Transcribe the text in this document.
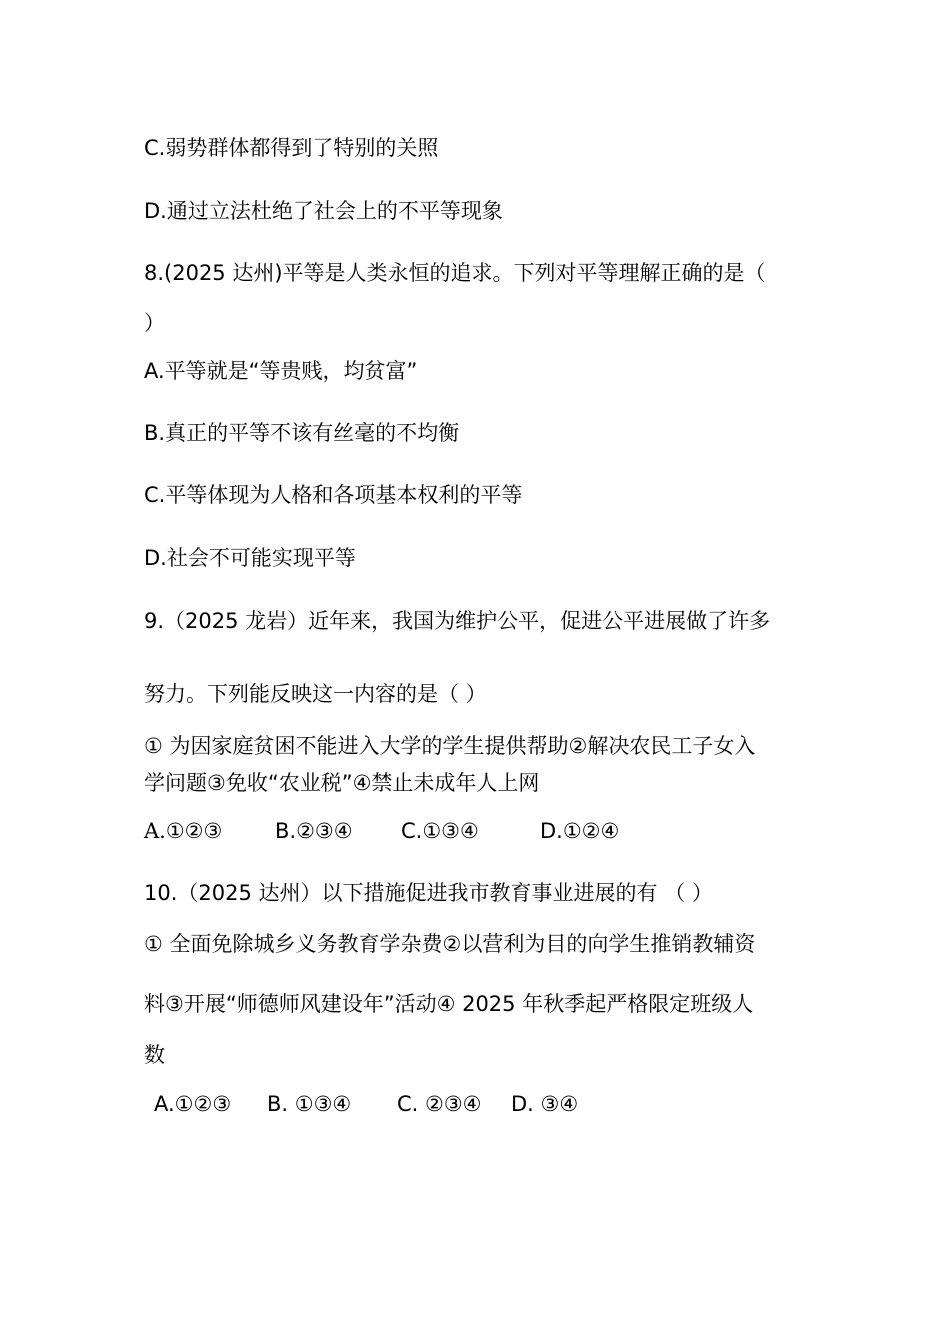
C.弱势群体都得到了特别的关照
D.通过立法杜绝了社会上的不平等现象
8.(2025 达州)平等是人类永恒的追求。下列对平等理解正确的是（
）
A.平等就是“等贵贱，均贫富”
B.真正的平等不该有丝毫的不均衡
C.平等体现为人格和各项基本权利的平等
D.社会不可能实现平等
9.（2025 龙岩）近年来，我国为维护公平，促进公平进展做了许多
努力。下列能反映这一内容的是（ ）
① 为因家庭贫困不能进入大学的学生提供帮助②解决农民工子女入
学问题③免收“农业税”④禁止未成年人上网
A.①②③	B.②③④ C.①③④	D.①②④
10.（2025 达州）以下措施促进我市教育事业进展的有 （ ）
① 全面免除城乡义务教育学杂费②以营利为目的向学生推销教辅资
料③开展“师德师风建设年”活动④ 2025 年秋季起严格限定班级人
数
A.①②③ B. ①③④ C. ②③④ D. ③④
